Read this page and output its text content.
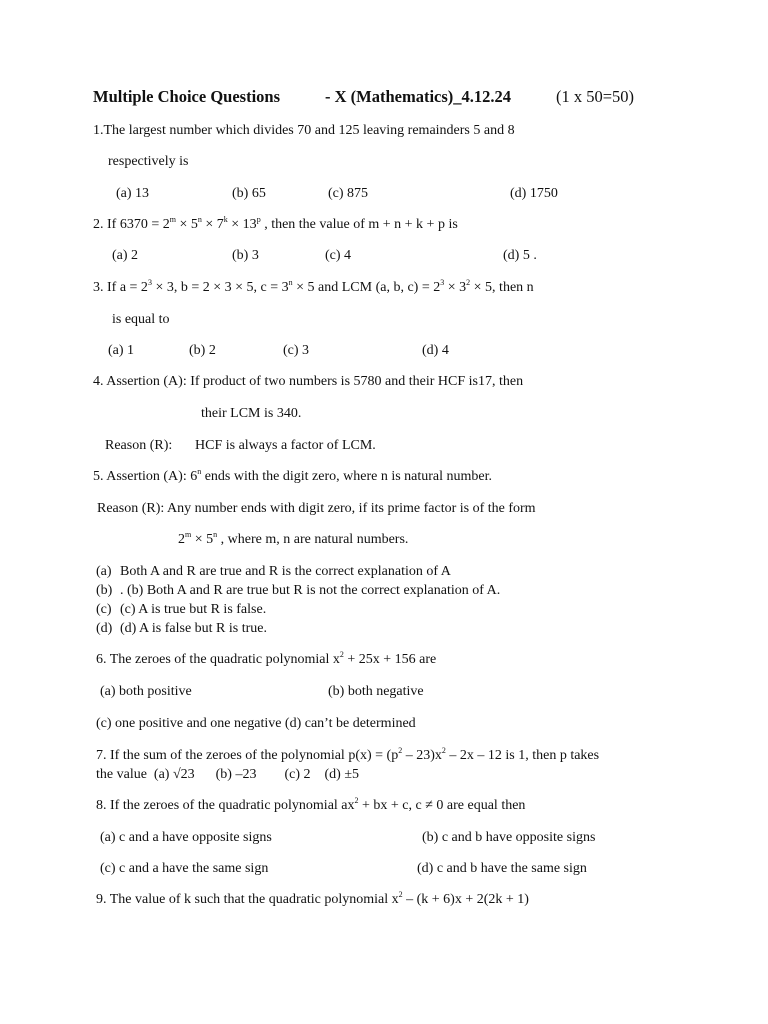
Multiple Choice Questions	- X (Mathematics)_4.12.24	(1 x 50=50)
1.The largest number which divides 70 and 125 leaving remainders 5 and 8
respectively is
(a) 13	(b) 65	(c) 875	(d) 1750
2. If $6370 = 2^m \times 5^n \times 7^k \times 13^p$ , then the value of m + n + k + p is
(a) 2	(b) 3	(c) 4	(d) 5 .
3. If $a = 2^3 \times 3$, b = 2 × 3 × 5, $c = 3^n \times 5$ and LCM (a, b, $c) = 2^3 \times 3^2 \times 5$, then n
is equal to
(a) 1	(b) 2	(c) 3	(d) 4
4. Assertion (A): If product of two numbers is 5780 and their HCF is17, then
their LCM is 340.
Reason (R): HCF is always a factor of LCM.
5. Assertion (A): 6$^n$ ends with the digit zero, where n is natural number.
Reason (R): Any number ends with digit zero, if its prime factor is of the form
$2^m \times 5^n$ , where m, n are natural numbers.
(a) Both A and R are true and R is the correct explanation of A
(b) . (b) Both A and R are true but R is not the correct explanation of A.
(c) (c) A is true but R is false.
(d) (d) A is false but R is true.
6. The zeroes of the quadratic polynomial $x^2 + 25x + 156$ are
(a) both positive	(b) both negative
(c) one positive and one negative (d) can’t be determined
7. If the sum of the zeroes of the polynomial $p(x) = (p^2 - 23)x^2 - 2x - 12$ is 1, then p takes
the value  (a) √23      (b) –23        (c) 2    (d) ±5
8. If the zeroes of the quadratic polynomial $ax^2$ + bx + c, c ≠ 0 are equal then
(a) c and a have opposite signs	(b) c and b have opposite signs
(c) c and a have the same sign	(d) c and b have the same sign
9. The value of k such that the quadratic polynomial $x^2 - (k + 6)x + 2(2k + 1)$
